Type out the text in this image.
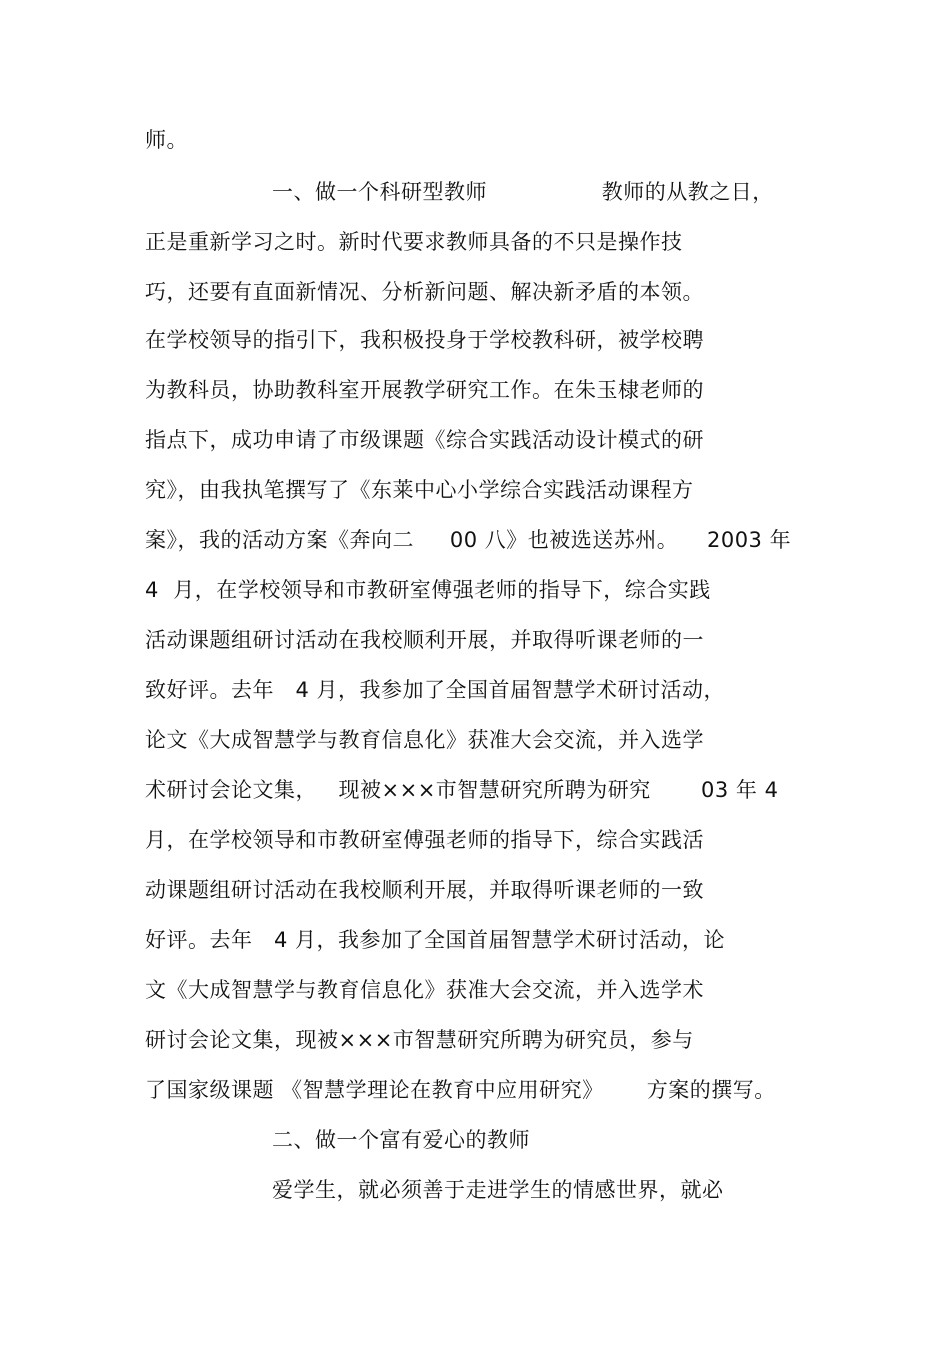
师。
一、做一个科研型教师                教师的从教之日，
正是重新学习之时。新时代要求教师具备的不只是操作技
巧，还要有直面新情况、分析新问题、解决新矛盾的本领。
在学校领导的指引下，我积极投身于学校教科研，被学校聘
为教科员，协助教科室开展教学研究工作。在朱玉棣老师的
指点下，成功申请了市级课题《综合实践活动设计模式的研
究》，由我执笔撰写了《东莱中心小学综合实践活动课程方
案》，我的活动方案《奔向二     00 八》也被选送苏州。    2003 年
4  月，在学校领导和市教研室傅强老师的指导下，综合实践
活动课题组研讨活动在我校顺利开展，并取得听课老师的一
致好评。去年   4 月，我参加了全国首届智慧学术研讨活动，
论文《大成智慧学与教育信息化》获准大会交流，并入选学
术研讨会论文集，   现被×××市智慧研究所聘为研究       03 年 4
月，在学校领导和市教研室傅强老师的指导下，综合实践活
动课题组研讨活动在我校顺利开展，并取得听课老师的一致
好评。去年   4 月，我参加了全国首届智慧学术研讨活动，论
文《大成智慧学与教育信息化》获准大会交流，并入选学术
研讨会论文集，现被×××市智慧研究所聘为研究员，参与
了国家级课题 《智慧学理论在教育中应用研究》      方案的撰写。
二、做一个富有爱心的教师
爱学生，就必须善于走进学生的情感世界，就必
